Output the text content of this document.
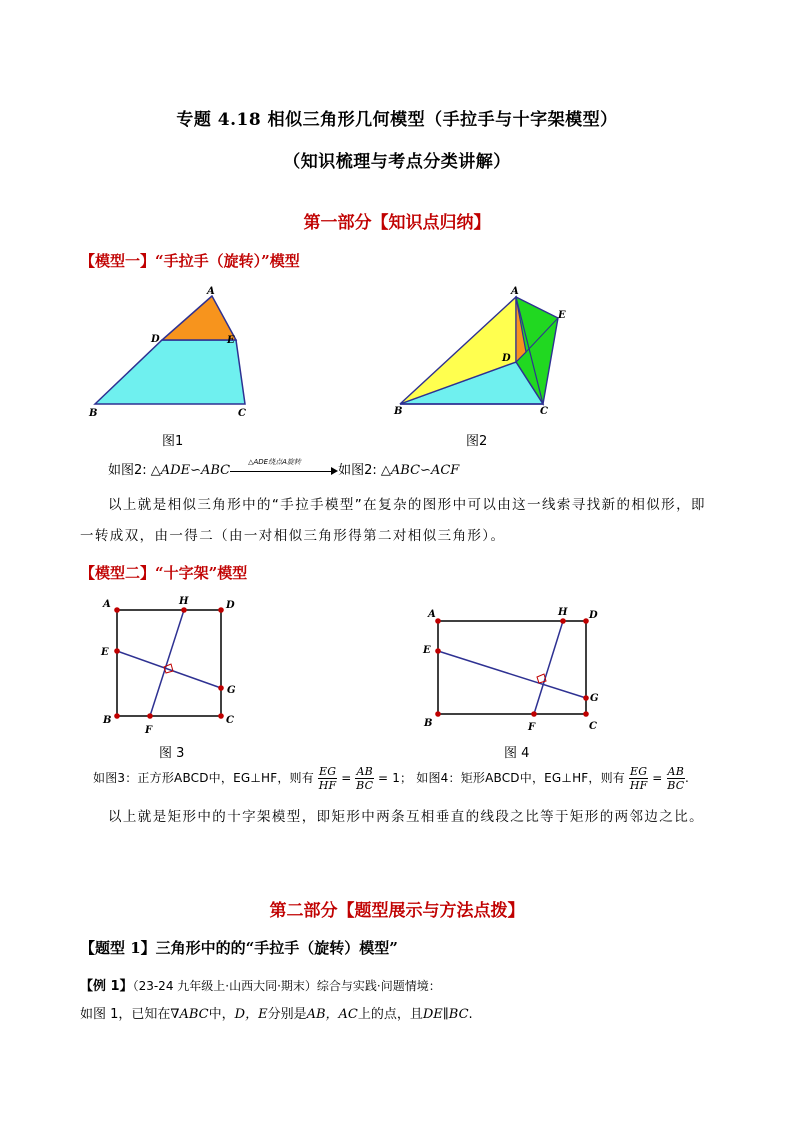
专题 4.18 相似三角形几何模型（手拉手与十字架模型）
（知识梳理与考点分类讲解）
第一部分【知识点归纳】
【模型一】“手拉手（旋转）”模型
A
B	C
D	E
图1
A
B	C
D
E
图2
如图2: △ADE∽ABC
△ADE绕点A旋转
如图2: △ABC∽ACF
以上就是相似三角形中的“手拉手模型”在复杂的图形中可以由这一线索寻找新的相似形，即一转成双，由一得二（由一对相似三角形得第二对相似三角形）。
【模型二】“十字架”模型
A
B	C
D
E
F
G
H
图 3
A
B	C
D
E
F
G
H
图 4
如图3：正方形ABCD中，EG⊥HF，则有 $\frac{EG}{HF} = \frac{AB}{BC} = 1$； 如图4：矩形ABCD中，EG⊥HF，则有 $\frac{EG}{HF} = \frac{AB}{BC}$ .
以上就是矩形中的十字架模型，即矩形中两条互相垂直的线段之比等于矩形的两邻边之比。
第二部分【题型展示与方法点拨】
【题型 1】三角形中的的“手拉手（旋转）模型”
【例 1】（23-24 九年级上·山西大同·期末）综合与实践·问题情境：
如图 1，已知在∇ABC中，D，E分别是AB，AC上的点，且DE∥BC.
